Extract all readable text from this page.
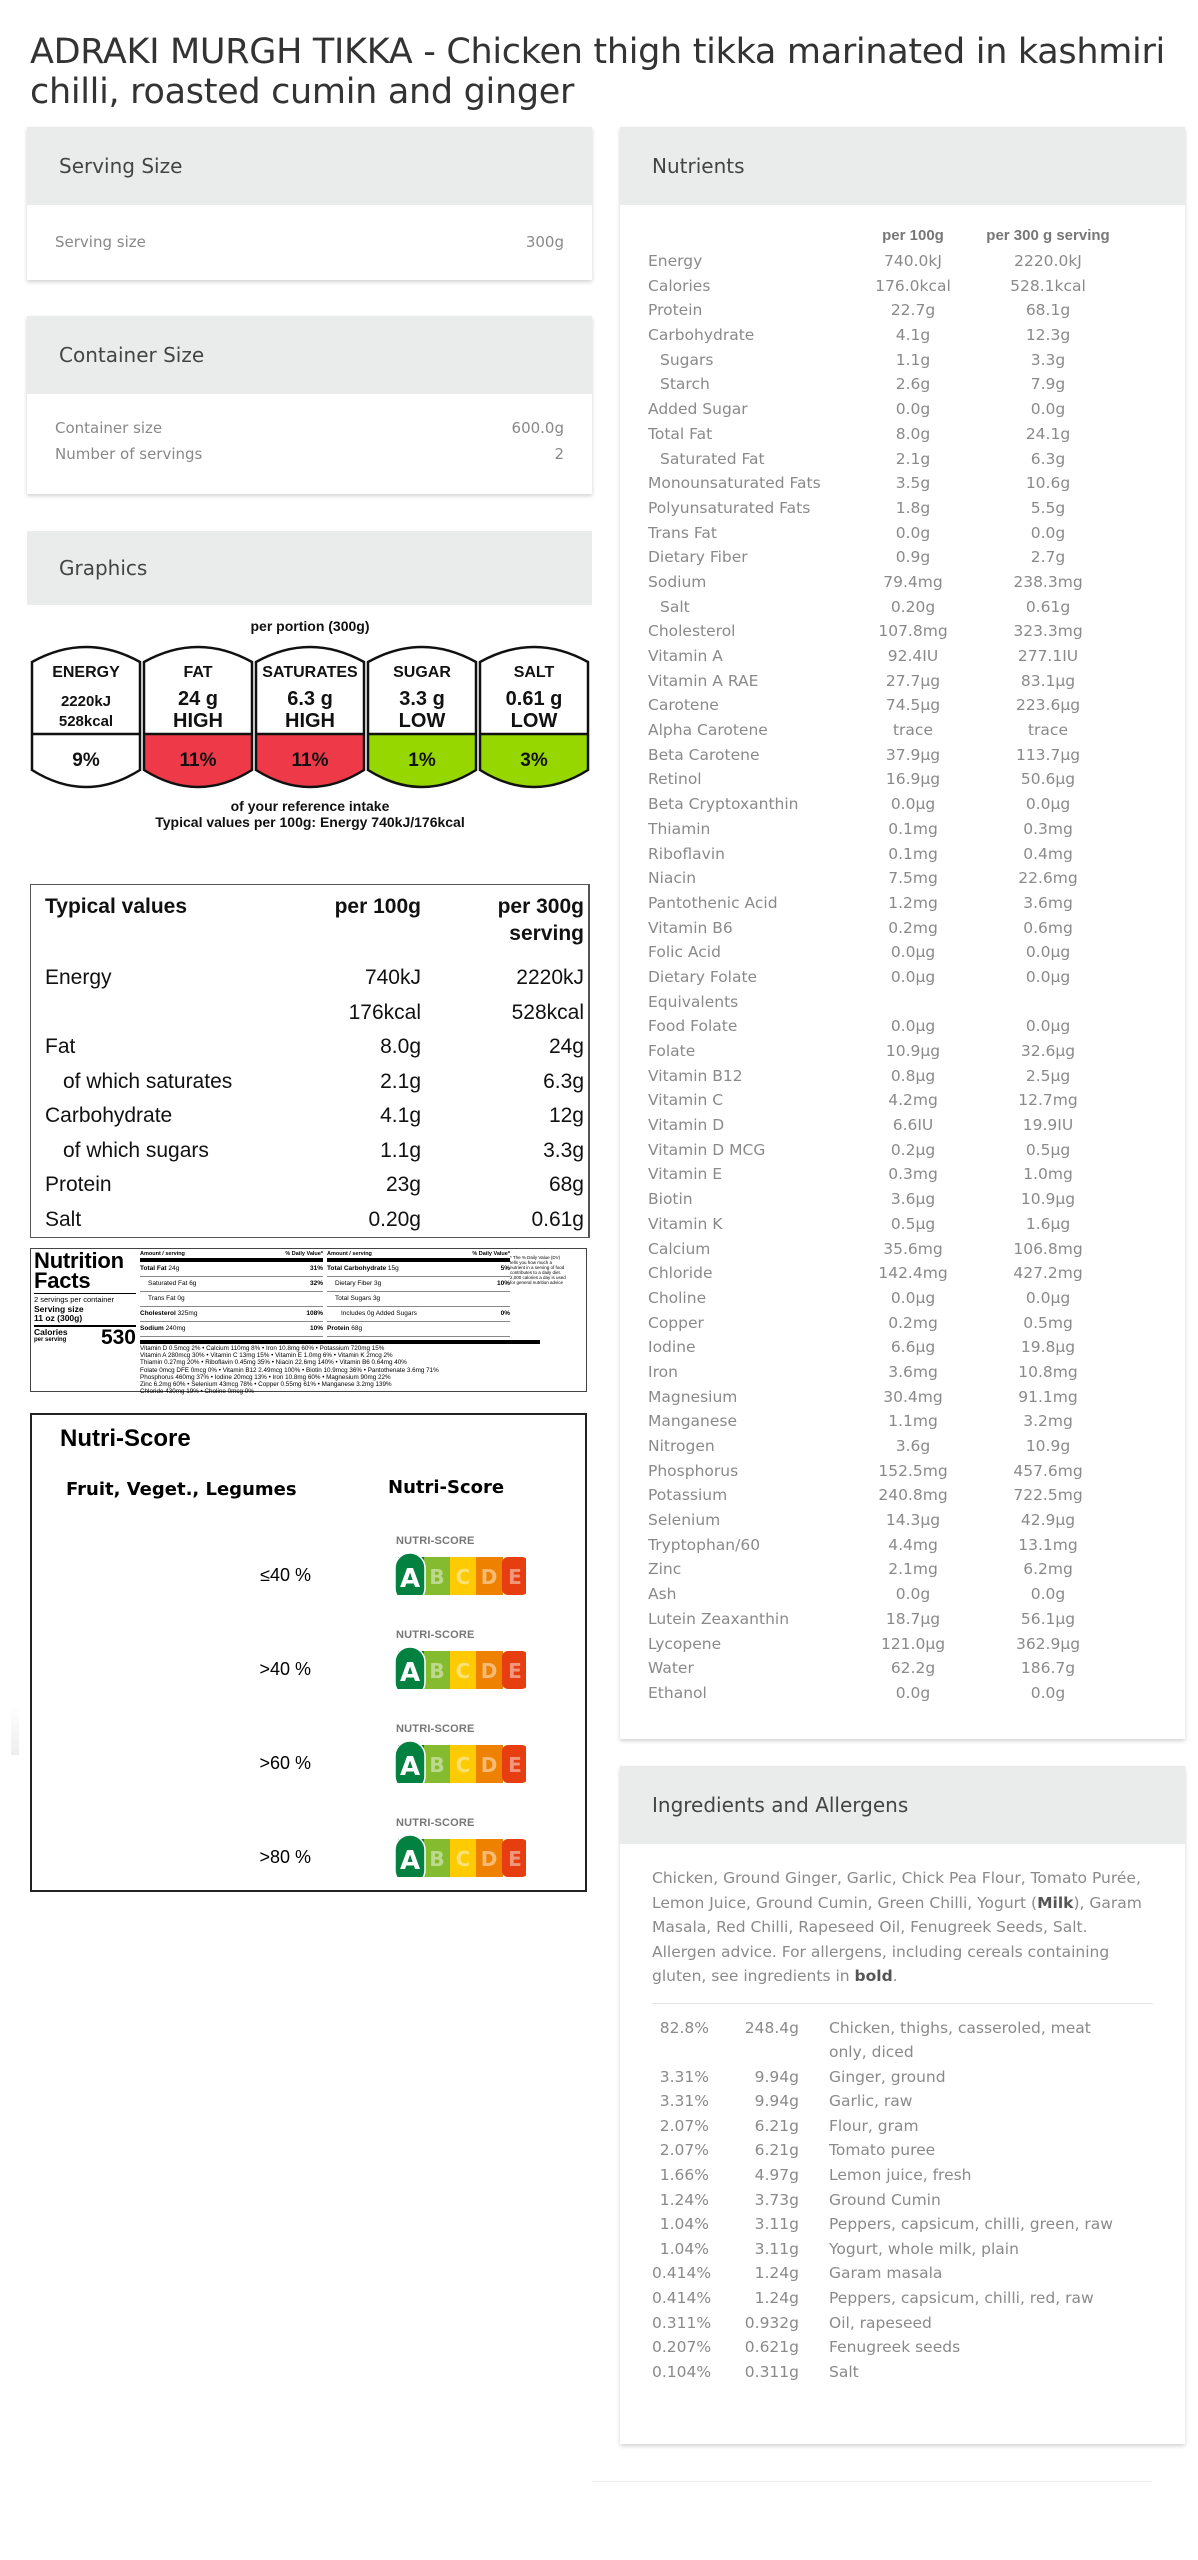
ADRAKI MURGH TIKKA - Chicken thigh tikka marinated in kashmiri chilli, roasted cumin and ginger
Serving Size
Serving size	300g
Container Size
Container size	600.0g
Number of servings	2
Graphics
per portion (300g)
ENERGY
2220kJ
528kcal
9%
FAT
24 g
HIGH
11%
SATURATES
6.3 g
HIGH
11%
SUGAR
3.3 g
LOW
1%
SALT
0.61 g
LOW
3%
of your reference intake
Typical values per 100g: Energy 740kJ/176kcal
Typical values	per 100g	per 300g serving
Energy	740kJ	2220kJ
176kcal	528kcal
Fat	8.0g	24g
of which saturates	2.1g	6.3g
Carbohydrate	4.1g	12g
of which sugars	1.1g	3.3g
Protein	23g	68g
Salt	0.20g	0.61g
Nutrition
Facts
2 servings per container
Serving size
11 oz (300g)
Calories
per serving 530
Amount / serving	% Daily Value*
Total Fat 24g	31%
Saturated Fat 6g	32%
Trans Fat 0g
Cholesterol 325mg	108%
Sodium 240mg	10%
Amount / serving	% Daily Value*
Total Carbohydrate 15g	5%
Dietary Fiber 3g	10%
Total Sugars 3g
Includes 0g Added Sugars	0%
Protein 68g
Vitamin D 0.5mcg 2% • Calcium 110mg 8% • Iron 10.8mg 60% • Potassium 720mg 15%
Vitamin A 280mcg 30% • Vitamin C 13mg 15% • Vitamin E 1.0mg 6% • Vitamin K 2mcg 2%
Thiamin 0.27mg 20% • Riboflavin 0.45mg 35% • Niacin 22.6mg 140% • Vitamin B6 0.64mg 40%
Folate 0mcg DFE 0mcg 0% • Vitamin B12 2.49mcg 100% • Biotin 10.9mcg 36% • Pantothenate 3.6mg 71%
Phosphorus 460mg 37% • Iodine 20mcg 13% • Iron 10.8mg 60% • Magnesium 90mg 22%
Zinc 6.2mg 60% • Selenium 43mcg 78% • Copper 0.55mg 61% • Manganese 3.2mg 139%
Chloride 430mg 19% • Choline 0mcg 0%
* The % Daily Value (DV) tells you how much a nutrient in a serving of food contributes to a daily diet. 2,000 calories a day is used for general nutrition advice
Nutri-Score
Fruit, Veget., Legumes	Nutri-Score
≤40 %
NUTRI-SCORE
A B C D E
>40 %
NUTRI-SCORE
A B C D E
>60 %
NUTRI-SCORE
A B C D E
>80 %
NUTRI-SCORE
A B C D E
Nutrients
per 100g	per 300 g serving
Energy	740.0kJ	2220.0kJ
Calories	176.0kcal	528.1kcal
Protein	22.7g	68.1g
Carbohydrate	4.1g	12.3g
Sugars	1.1g	3.3g
Starch	2.6g	7.9g
Added Sugar	0.0g	0.0g
Total Fat	8.0g	24.1g
Saturated Fat	2.1g	6.3g
Monounsaturated Fats	3.5g	10.6g
Polyunsaturated Fats	1.8g	5.5g
Trans Fat	0.0g	0.0g
Dietary Fiber	0.9g	2.7g
Sodium	79.4mg	238.3mg
Salt	0.20g	0.61g
Cholesterol	107.8mg	323.3mg
Vitamin A	92.4IU	277.1IU
Vitamin A RAE	27.7µg	83.1µg
Carotene	74.5µg	223.6µg
Alpha Carotene	trace	trace
Beta Carotene	37.9µg	113.7µg
Retinol	16.9µg	50.6µg
Beta Cryptoxanthin	0.0µg	0.0µg
Thiamin	0.1mg	0.3mg
Riboflavin	0.1mg	0.4mg
Niacin	7.5mg	22.6mg
Pantothenic Acid	1.2mg	3.6mg
Vitamin B6	0.2mg	0.6mg
Folic Acid	0.0µg	0.0µg
Dietary Folate	0.0µg	0.0µg
Equivalents
Food Folate	0.0µg	0.0µg
Folate	10.9µg	32.6µg
Vitamin B12	0.8µg	2.5µg
Vitamin C	4.2mg	12.7mg
Vitamin D	6.6IU	19.9IU
Vitamin D MCG	0.2µg	0.5µg
Vitamin E	0.3mg	1.0mg
Biotin	3.6µg	10.9µg
Vitamin K	0.5µg	1.6µg
Calcium	35.6mg	106.8mg
Chloride	142.4mg	427.2mg
Choline	0.0µg	0.0µg
Copper	0.2mg	0.5mg
Iodine	6.6µg	19.8µg
Iron	3.6mg	10.8mg
Magnesium	30.4mg	91.1mg
Manganese	1.1mg	3.2mg
Nitrogen	3.6g	10.9g
Phosphorus	152.5mg	457.6mg
Potassium	240.8mg	722.5mg
Selenium	14.3µg	42.9µg
Tryptophan/60	4.4mg	13.1mg
Zinc	2.1mg	6.2mg
Ash	0.0g	0.0g
Lutein Zeaxanthin	18.7µg	56.1µg
Lycopene	121.0µg	362.9µg
Water	62.2g	186.7g
Ethanol	0.0g	0.0g
Ingredients and Allergens
Chicken, Ground Ginger, Garlic, Chick Pea Flour, Tomato Purée, Lemon Juice, Ground Cumin, Green Chilli, Yogurt (Milk), Garam Masala, Red Chilli, Rapeseed Oil, Fenugreek Seeds, Salt.
Allergen advice. For allergens, including cereals containing gluten, see ingredients in bold.
82.8%	248.4g	Chicken, thighs, casseroled, meat only, diced
3.31%	9.94g	Ginger, ground
3.31%	9.94g	Garlic, raw
2.07%	6.21g	Flour, gram
2.07%	6.21g	Tomato puree
1.66%	4.97g	Lemon juice, fresh
1.24%	3.73g	Ground Cumin
1.04%	3.11g	Peppers, capsicum, chilli, green, raw
1.04%	3.11g	Yogurt, whole milk, plain
0.414%	1.24g	Garam masala
0.414%	1.24g	Peppers, capsicum, chilli, red, raw
0.311%	0.932g	Oil, rapeseed
0.207%	0.621g	Fenugreek seeds
0.104%	0.311g	Salt
